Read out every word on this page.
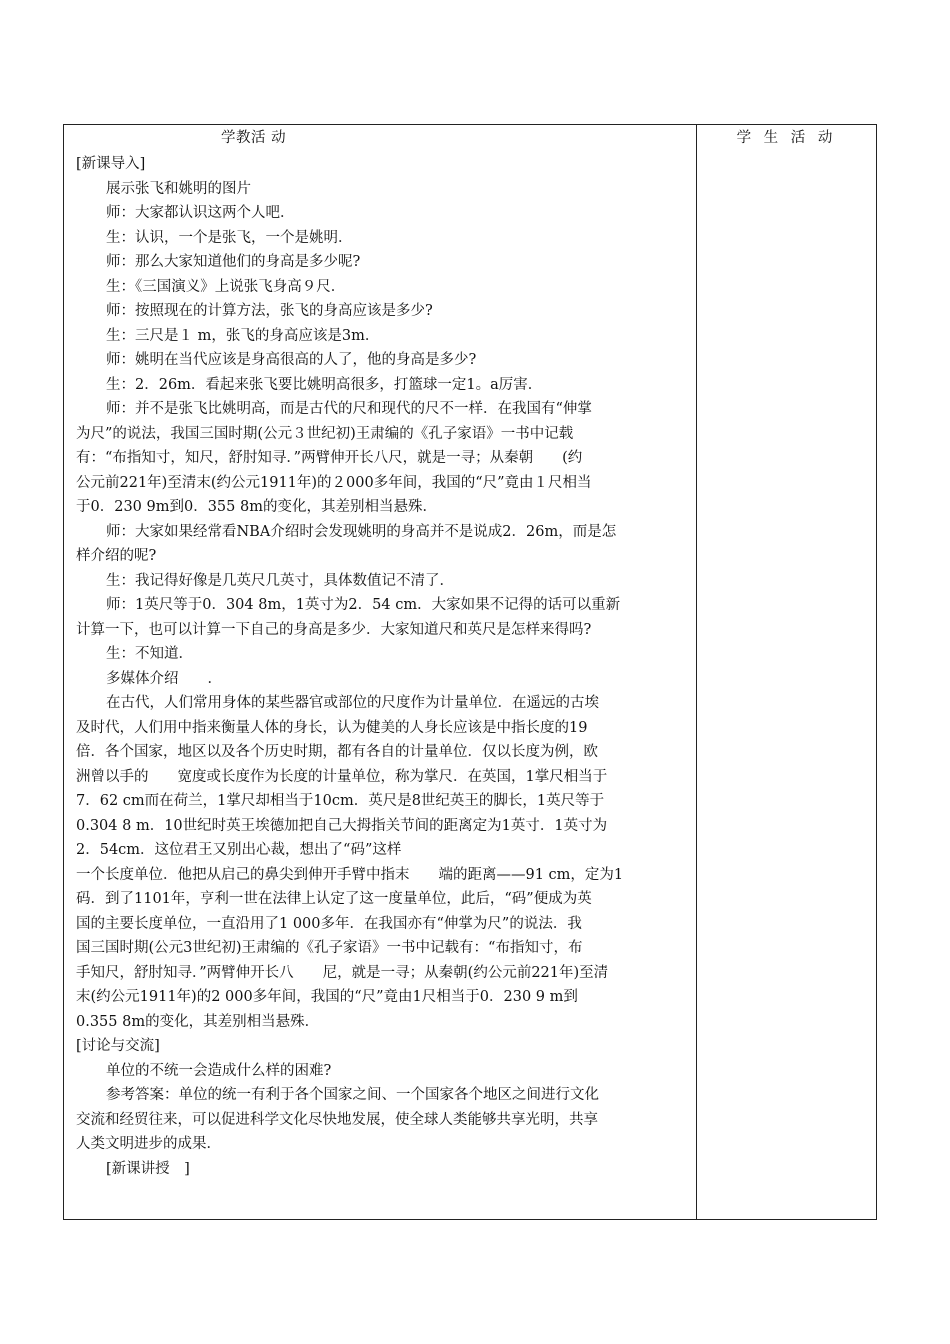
学教活 动
[新课导入]
展示张飞和姚明的图片
师：大家都认识这两个人吧．
生：认识，一个是张飞，一个是姚明．
师：那么大家知道他们的身高是多少呢?
生：《三国演义》上说张飞身高９尺．
师：按照现在的计算方法，张飞的身高应该是多少?
生：三尺是１ m，张飞的身高应该是3m．
师：姚明在当代应该是身高很高的人了，他的身高是多少?
生：2．26m．看起来张飞要比姚明高很多，打篮球一定1。a厉害．
师：并不是张飞比姚明高，而是古代的尺和现代的尺不一样．在我国有“伸掌
为尺”的说法，我国三国时期(公元３世纪初)王肃编的《孔子家语》一书中记载
有：“布指知寸，知尺，舒肘知寻．”两臂伸开长八尺，就是一寻；从秦朝　　(约
公元前221年)至清末(约公元1911年)的２000多年间，我国的“尺”竟由１尺相当
于0．230 9m到0．355 8m的变化，其差别相当悬殊．
师：大家如果经常看NBA介绍时会发现姚明的身高并不是说成2．26m，而是怎
样介绍的呢?
生：我记得好像是几英尺几英寸，具体数值记不清了．
师：1英尺等于0．304 8m，1英寸为2．54 cm．大家如果不记得的话可以重新
计算一下，也可以计算一下自己的身高是多少．大家知道尺和英尺是怎样来得吗?
生：不知道．
多媒体介绍　　．
在古代，人们常用身体的某些器官或部位的尺度作为计量单位．在遥远的古埃
及时代，人们用中指来衡量人体的身长，认为健美的人身长应该是中指长度的19
倍．各个国家，地区以及各个历史时期，都有各自的计量单位．仅以长度为例，欧
洲曾以手的　　宽度或长度作为长度的计量单位，称为掌尺．在英国，1掌尺相当于
7．62 cm而在荷兰，1掌尺却相当于10cm．英尺是8世纪英王的脚长，1英尺等于
0.304 8 m．10世纪时英王埃德加把自己大拇指关节间的距离定为1英寸．1英寸为
2．54cm．这位君王又别出心裁，想出了“码”这样
一个长度单位．他把从启己的鼻尖到伸开手臂中指末　　端的距离——91 cm，定为1
码．到了1101年，亨利一世在法律上认定了这一度量单位，此后，“码”便成为英
国的主要长度单位，一直沿用了1 000多年．在我国亦有“伸掌为尺”的说法．我
国三国时期(公元3世纪初)王肃编的《孔子家语》一书中记载有：“布指知寸，布
手知尺，舒肘知寻．”两臂伸开长八　　尼，就是一寻；从秦朝(约公元前221年)至清
末(约公元1911年)的2 000多年间，我国的“尺”竟由1尺相当于0．230 9 m到
0.355 8m的变化，其差别相当悬殊．
[讨论与交流]
单位的不统一会造成什么样的困难?
参考答案：单位的统一有利于各个国家之间、一个国家各个地区之间进行文化
交流和经贸往来，可以促进科学文化尽快地发展，使全球人类能够共享光明，共享
人类文明进步的成果．
[新课讲授　]
学 生 活 动
